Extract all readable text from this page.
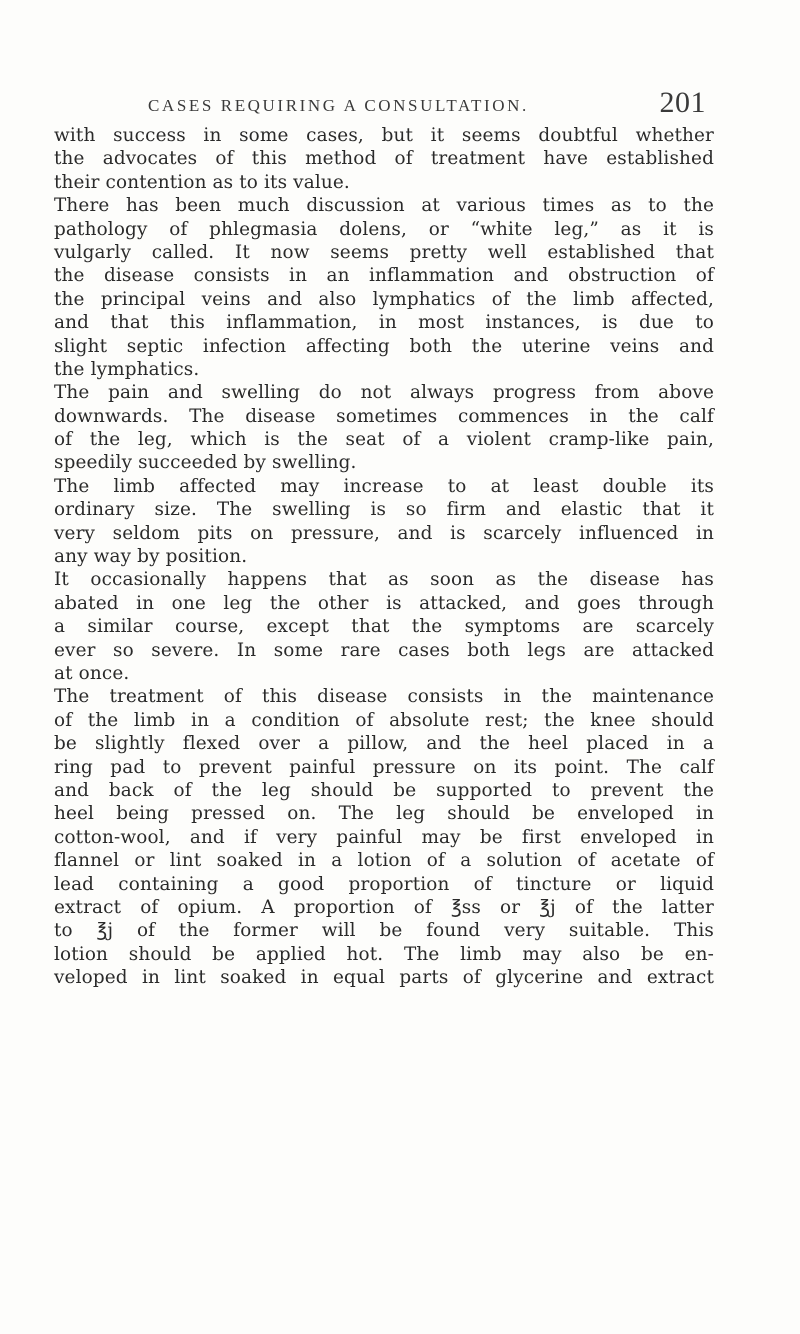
CASES REQUIRING A CONSULTATION.	201
with success in some cases, but it seems doubtful whether
the advocates of this method of treatment have established
their contention as to its value.
There has been much discussion at various times as to the
pathology of phlegmasia dolens, or “white leg,” as it is
vulgarly called. It now seems pretty well established that
the disease consists in an inflammation and obstruction of
the principal veins and also lymphatics of the limb affected,
and that this inflammation, in most instances, is due to
slight septic infection affecting both the uterine veins and
the lymphatics.
The pain and swelling do not always progress from above
downwards. The disease sometimes commences in the calf
of the leg, which is the seat of a violent cramp-like pain,
speedily succeeded by swelling.
The limb affected may increase to at least double its
ordinary size. The swelling is so firm and elastic that it
very seldom pits on pressure, and is scarcely influenced in
any way by position.
It occasionally happens that as soon as the disease has
abated in one leg the other is attacked, and goes through
a similar course, except that the symptoms are scarcely
ever so severe. In some rare cases both legs are attacked
at once.
The treatment of this disease consists in the maintenance
of the limb in a condition of absolute rest; the knee should
be slightly flexed over a pillow, and the heel placed in a
ring pad to prevent painful pressure on its point. The calf
and back of the leg should be supported to prevent the
heel being pressed on. The leg should be enveloped in
cotton-wool, and if very painful may be first enveloped in
flannel or lint soaked in a lotion of a solution of acetate of
lead containing a good proportion of tincture or liquid
extract of opium. A proportion of ℥ss or ℥j of the latter
to ℥j of the former will be found very suitable. This
lotion should be applied hot. The limb may also be en-
veloped in lint soaked in equal parts of glycerine and extract
